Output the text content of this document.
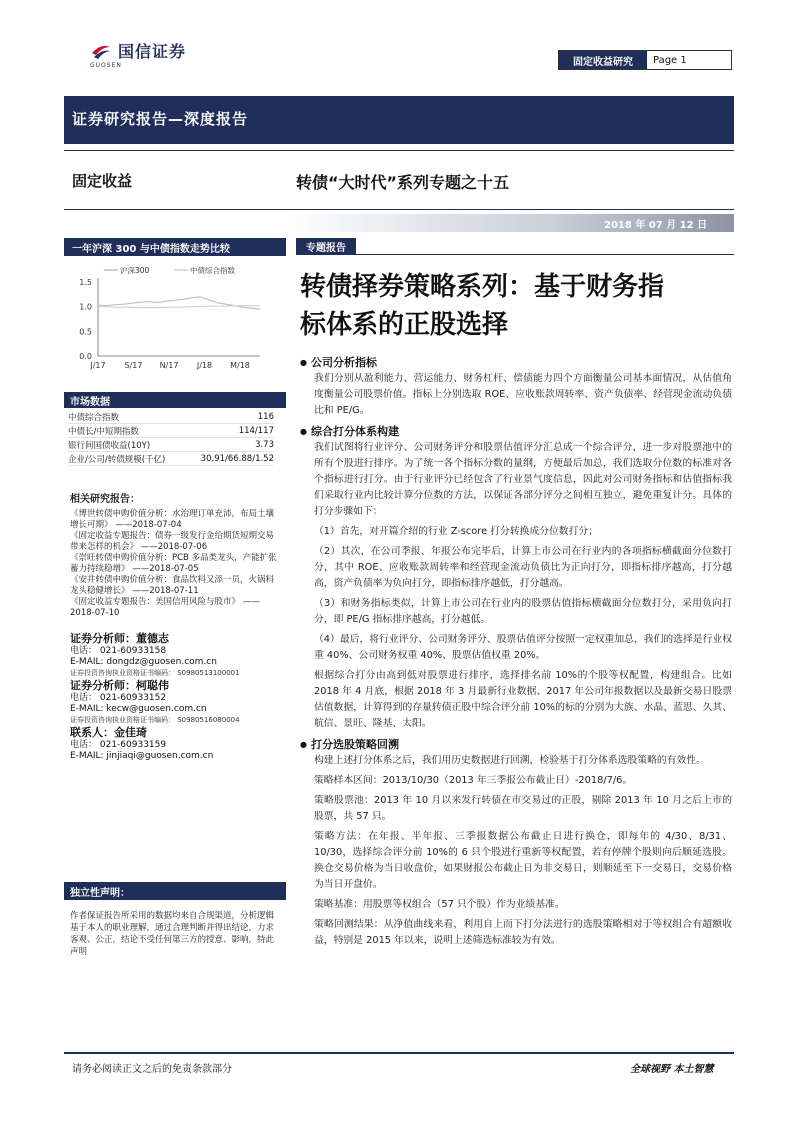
国信证券
GUOSEN	固定收益研究	Page
1
证券研究报告—深度报告
固定收益	转债“大时代”系列专题之十五
2018 年 07 月 12 日
一年沪深 300 与中债指数走势比较
沪深300	中债综合指数
1.5
1.0
0.5
0.0
J/17 S/17 N/17 J/18 M/18
市场数据
中债综合指数	116
中债长/中短期指数	114/117
银行间国债收益(10Y)	3.73
企业/公司/转债规模(千亿)	30.91/66.88/1.52
相关研究报告：
《博世转债申购价值分析：水治理订单充沛，布局土壤增长可期》 ——2018-07-04
《固定收益专题报告：债券一级发行金给期货短期交易带来怎样的机会》 ——2018-07-06
《崇旺转债申购价值分析：PCB 多品类龙头，产能扩张蓄力持续稳增》 ——2018-07-05
《安井转债申购价值分析：食品饮料又添一员，火锅料龙头稳健增长》 ——2018-07-11
《固定收益专题报告：美国信用风险与股市》 ——2018-07-10
证券分析师：董德志
电话： 021-60933158
E-MAIL: dongdz@guosen.com.cn
证券投资咨询执业资格证书编码： S0980513100001
证券分析师：柯聪伟
电话： 021-60933152
E-MAIL: kecw@guosen.com.cn
证券投资咨询执业资格证书编码： S0980516080004
联系人：金佳琦
电话： 021-60933159
E-MAIL: jinjiaqi@guosen.com.cn
独立性声明：
作者保证报告所采用的数据均来自合规渠道，分析逻辑基于本人的职业理解，通过合理判断并得出结论，力求客观、公正，结论不受任何第三方的授意、影响，特此声明
专题报告
转债择券策略系列：基于财务指
标体系的正股选择
● 公司分析指标
我们分别从盈利能力、营运能力、财务杠杆、偿债能力四个方面衡量公司基本面情况，从估值角度衡量公司股票价值。指标上分别选取 ROE、应收账款周转率、资产负债率、经营现金流动负债比和 PE/G。
● 综合打分体系构建
我们试图将行业评分、公司财务评分和股票估值评分汇总成一个综合评分，进一步对股票池中的所有个股进行排序。为了统一各个指标分数的量纲，方便最后加总，我们选取分位数的标准对各个指标进行打分。由于行业评分已经包含了行业景气度信息，因此对公司财务指标和估值指标我们采取行业内比较计算分位数的方法，以保证各部分评分之间相互独立，避免重复计分。具体的打分步骤如下：
（1）首先，对开篇介绍的行业 Z-score 打分转换成分位数打分；
（2）其次，在公司季报、年报公布完毕后，计算上市公司在行业内的各项指标横截面分位数打分，其中 ROE、应收账款周转率和经营现金流动负债比为正向打分，即指标排序越高，打分越高，资产负债率为负向打分，即指标排序越低，打分越高。
（3）和财务指标类似，计算上市公司在行业内的股票估值指标横截面分位数打分，采用负向打分，即 PE/G 指标排序越高，打分越低。
（4）最后，将行业评分、公司财务评分、股票估值评分按照一定权重加总，我们的选择是行业权重 40%、公司财务权重 40%、股票估值权重 20%。
根据综合打分由高到低对股票进行排序，选择排名前 10%的个股等权配置，构建组合。比如 2018 年 4 月底，根据 2018 年 3 月最新行业数据、2017 年公司年报数据以及最新交易日股票估值数据，计算得到的存量转债正股中综合评分前 10%的标的分别为大族、水晶、蓝思、久其、航信、景旺、隆基、太阳。
● 打分选股策略回溯
构建上述打分体系之后，我们用历史数据进行回溯，检验基于打分体系选股策略的有效性。
策略样本区间：2013/10/30（2013 年三季报公布截止日）-2018/7/6。
策略股票池：2013 年 10 月以来发行转债在市交易过的正股，剔除 2013 年 10 月之后上市的股票，共 57 只。
策略方法：在年报、半年报、三季报数据公布截止日进行换仓，即每年的 4/30、8/31、10/30，选择综合评分前 10%的 6 只个股进行重新等权配置，若有停牌个股则向后顺延选股。换仓交易价格为当日收盘价，如果财报公布截止日为非交易日，则顺延至下一交易日，交易价格为当日开盘价。
策略基准：用股票等权组合（57 只个股）作为业绩基准。
策略回测结果：从净值曲线来看，利用自上而下打分法进行的选股策略相对于等权组合有超额收益，特别是 2015 年以来，说明上述筛选标准较为有效。
请务必阅读正文之后的免责条款部分	全球视野 本土智慧
